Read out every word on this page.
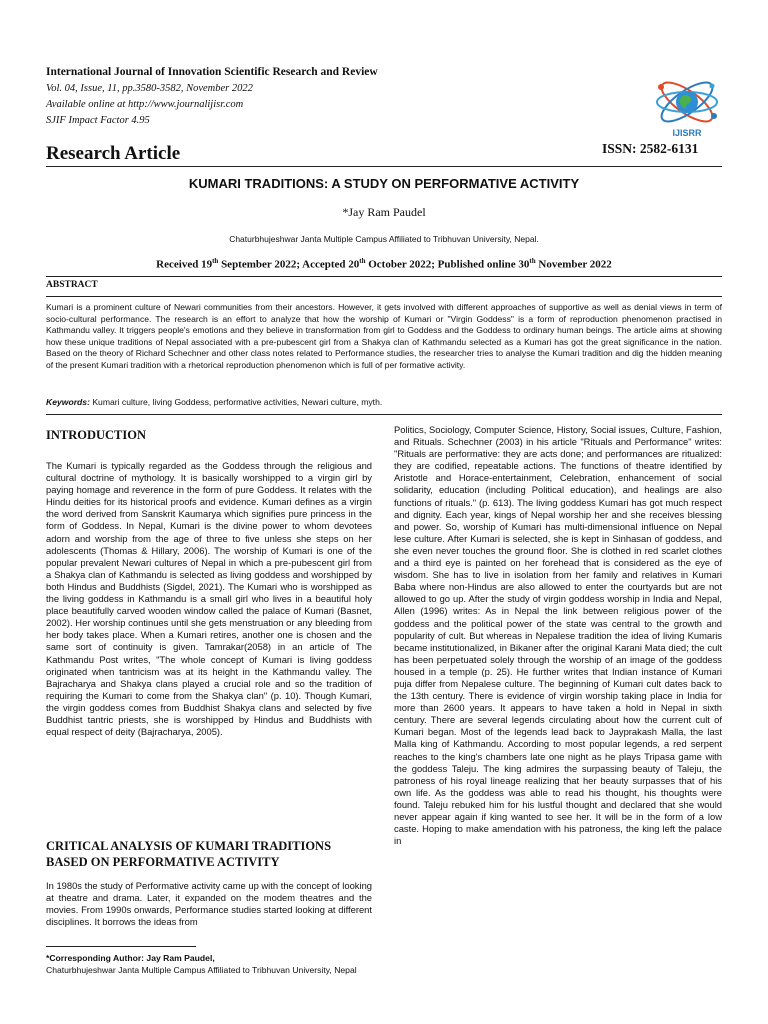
International Journal of Innovation Scientific Research and Review
Vol. 04, Issue, 11, pp.3580-3582, November 2022
Available online at http://www.journalijisr.com
SJIF Impact Factor 4.95
IJISRR
Research Article	ISSN: 2582-6131
KUMARI TRADITIONS: A STUDY ON PERFORMATIVE ACTIVITY
*Jay Ram Paudel
Chaturbhujeshwar Janta Multiple Campus Affiliated to Tribhuvan University, Nepal.
Received 19th September 2022; Accepted 20th October 2022; Published online 30th November 2022
ABSTRACT
Kumari is a prominent culture of Newari communities from their ancestors. However, it gets involved with different approaches of supportive as well as denial views in term of socio-cultural performance. The research is an effort to analyze that how the worship of Kumari or "Virgin Goddess" is a form of reproduction phenomenon practised in Kathmandu valley. It triggers people's emotions and they believe in transformation from girl to Goddess and the Goddess to ordinary human beings. The article aims at showing how these unique traditions of Nepal associated with a pre-pubescent girl from a Shakya clan of Kathmandu selected as a Kumari has got the great significance in the nation. Based on the theory of Richard Schechner and other class notes related to Performance studies, the researcher tries to analyse the Kumari tradition and dig the hidden meaning of the present Kumari tradition with a rhetorical reproduction phenomenon which is full of per formative activity.
Keywords: Kumari culture, living Goddess, performative activities, Newari culture, myth.
INTRODUCTION

The Kumari is typically regarded as the Goddess through the religious and cultural doctrine of mythology. It is basically worshipped to a virgin girl by paying homage and reverence in the form of pure Goddess. It relates with the Hindu deities for its historical proofs and evidence. Kumari defines as a virgin the word derived from Sanskrit Kaumarya which signifies pure princess in the form of Goddess. In Nepal, Kumari is the divine power to whom devotees adorn and worship from the age of three to five unless she steps on her adolescents (Thomas & Hillary, 2006). The worship of Kumari is one of the popular prevalent Newari cultures of Nepal in which a pre-pubescent girl from a Shakya clan of Kathmandu is selected as living goddess and worshipped by both Hindus and Buddhists (Sigdel, 2021). The Kumari who is worshipped as the living goddess in Kathmandu is a small girl who lives in a beautiful holy place beautifully carved wooden window called the palace of Kumari (Basnet, 2002). Her worship continues until she gets menstruation or any bleeding from her body takes place. When a Kumari retires, another one is chosen and the same sort of continuity is given. Tamrakar(2058) in an article of The Kathmandu Post writes, "The whole concept of Kumari is living goddess originated when tantricism was at its height in the Kathmandu valley. The Bajracharya and Shakya clans played a crucial role and so the tradition of requiring the Kumari to come from the Shakya clan" (p. 10). Though Kumari, the virgin goddess comes from Buddhist Shakya clans and selected by five Buddhist tantric priests, she is worshipped by Hindus and Buddhists with equal respect of deity (Bajracharya, 2005).

CRITICAL ANALYSIS OF KUMARI TRADITIONS BASED ON PERFORMATIVE ACTIVITY

In 1980s the study of Performative activity came up with the concept of looking at theatre and drama. Later, it expanded on the modem theatres and the movies. From 1990s onwards, Performance studies started looking at different disciplines. It borrows the ideas from

*Corresponding Author: Jay Ram Paudel,
Chaturbhujeshwar Janta Multiple Campus Affiliated to Tribhuvan University, Nepal

Politics, Sociology, Computer Science, History, Social issues, Culture, Fashion, and Rituals. Schechner (2003) in his article "Rituals and Performance" writes: "Rituals are performative: they are acts done; and performances are ritualized: they are codified, repeatable actions. The functions of theatre identified by Aristotle and Horace-entertainment, Celebration, enhancement of social solidarity, education (including Political education), and healings are also functions of rituals." (p. 613). The living goddess Kumari has got much respect and dignity. Each year, kings of Nepal worship her and she receives blessing and power. So, worship of Kumari has multi-dimensional influence on Nepal lese culture. After Kumari is selected, she is kept in Sinhasan of goddess, and she even never touches the ground floor. She is clothed in red scarlet clothes and a third eye is painted on her forehead that is considered as the eye of wisdom. She has to live in isolation from her family and relatives in Kumari Baba where non-Hindus are also allowed to enter the courtyards but are not allowed to go up. After the study of virgin goddess worship in India and Nepal, Allen (1996) writes: As in Nepal the link between religious power of the goddess and the political power of the state was central to the growth and popularity of cult. But whereas in Nepalese tradition the idea of living Kumaris became institutionalized, in Bikaner after the original Karani Mata died; the cult has been perpetuated solely through the worship of an image of the goddess housed in a temple (p. 25). He further writes that Indian instance of Kumari puja differ from Nepalese culture. The beginning of Kumari cult dates back to the 13th century. There is evidence of virgin worship taking place in India for more than 2600 years. It appears to have taken a hold in Nepal in sixth century. There are several legends circulating about how the current cult of Kumari began. Most of the legends lead back to Jayprakash Malla, the last Malla king of Kathmandu. According to most popular legends, a red serpent reaches to the king's chambers late one night as he plays Tripasa game with the goddess Taleju. The king admires the surpassing beauty of Taleju, the patroness of his royal lineage realizing that her beauty surpasses that of his own life. As the goddess was able to read his thought, his thoughts were found. Taleju rebuked him for his lustful thought and declared that she would never appear again if king wanted to see her. It will be in the form of a low caste. Hoping to make amendation with his patroness, the king left the palace in
